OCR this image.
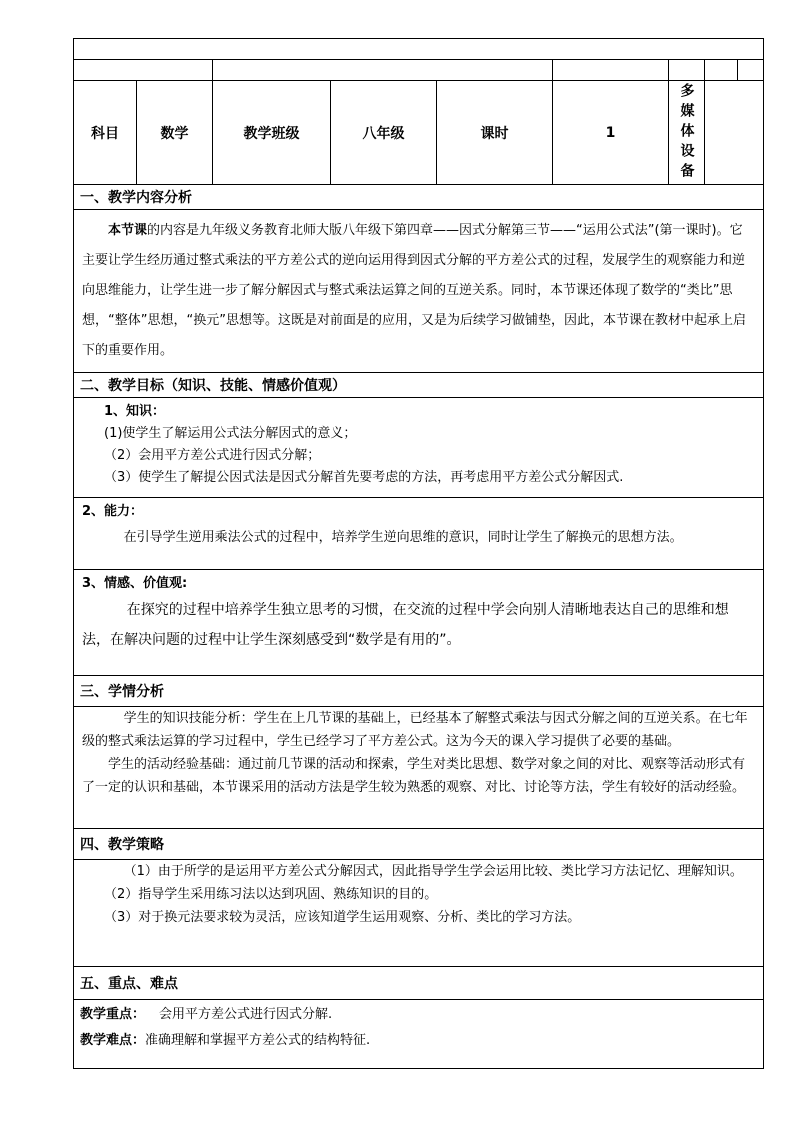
科目	数学	教学班级	八年级	课时	1	多媒体设备		

一、教学内容分析								

本节课的内容是九年级义务教育北师大版八年级下第四章——因式分解第三节——“运用公式法”(第一课时)。它主要让学生经历通过整式乘法的平方差公式的逆向运用得到因式分解的平方差公式的过程，发展学生的观察能力和逆向思维能力，让学生进一步了解分解因式与整式乘法运算之间的互逆关系。同时，本节课还体现了数学的“类比”思想，“整体”思想，“换元”思想等。这既是对前面是的应用，又是为后续学习做铺垫，因此，本节课在教材中起承上启下的重要作用。								

二、教学目标（知识、技能、情感价值观）								

1、知识：

(1)使学生了解运用公式法分解因式的意义；

（2）会用平方差公式进行因式分解；

（3）使学生了解提公因式法是因式分解首先要考虑的方法，再考虑用平方差公式分解因式.								

2、能力：

在引导学生逆用乘法公式的过程中，培养学生逆向思维的意识，同时让学生了解换元的思想方法。								

3、情感、价值观:

在探究的过程中培养学生独立思考的习惯，在交流的过程中学会向别人清晰地表达自己的思维和想法，在解决问题的过程中让学生深刻感受到“数学是有用的”。								

三、学情分析								

学生的知识技能分析：学生在上几节课的基础上，已经基本了解整式乘法与因式分解之间的互逆关系。在七年级的整式乘法运算的学习过程中，学生已经学习了平方差公式。这为今天的课入学习提供了必要的基础。

学生的活动经验基础：通过前几节课的活动和探索，学生对类比思想、数学对象之间的对比、观察等活动形式有了一定的认识和基础，本节课采用的活动方法是学生较为熟悉的观察、对比、讨论等方法，学生有较好的活动经验。								

四、教学策略								

（1）由于所学的是运用平方差公式分解因式，因此指导学生学会运用比较、类比学习方法记忆、理解知识。

（2）指导学生采用练习法以达到巩固、熟练知识的目的。

（3）对于换元法要求较为灵活，应该知道学生运用观察、分析、类比的学习方法。								

五、重点、难点								

教学重点： 会用平方差公式进行因式分解.

教学难点：准确理解和掌握平方差公式的结构特征.								
